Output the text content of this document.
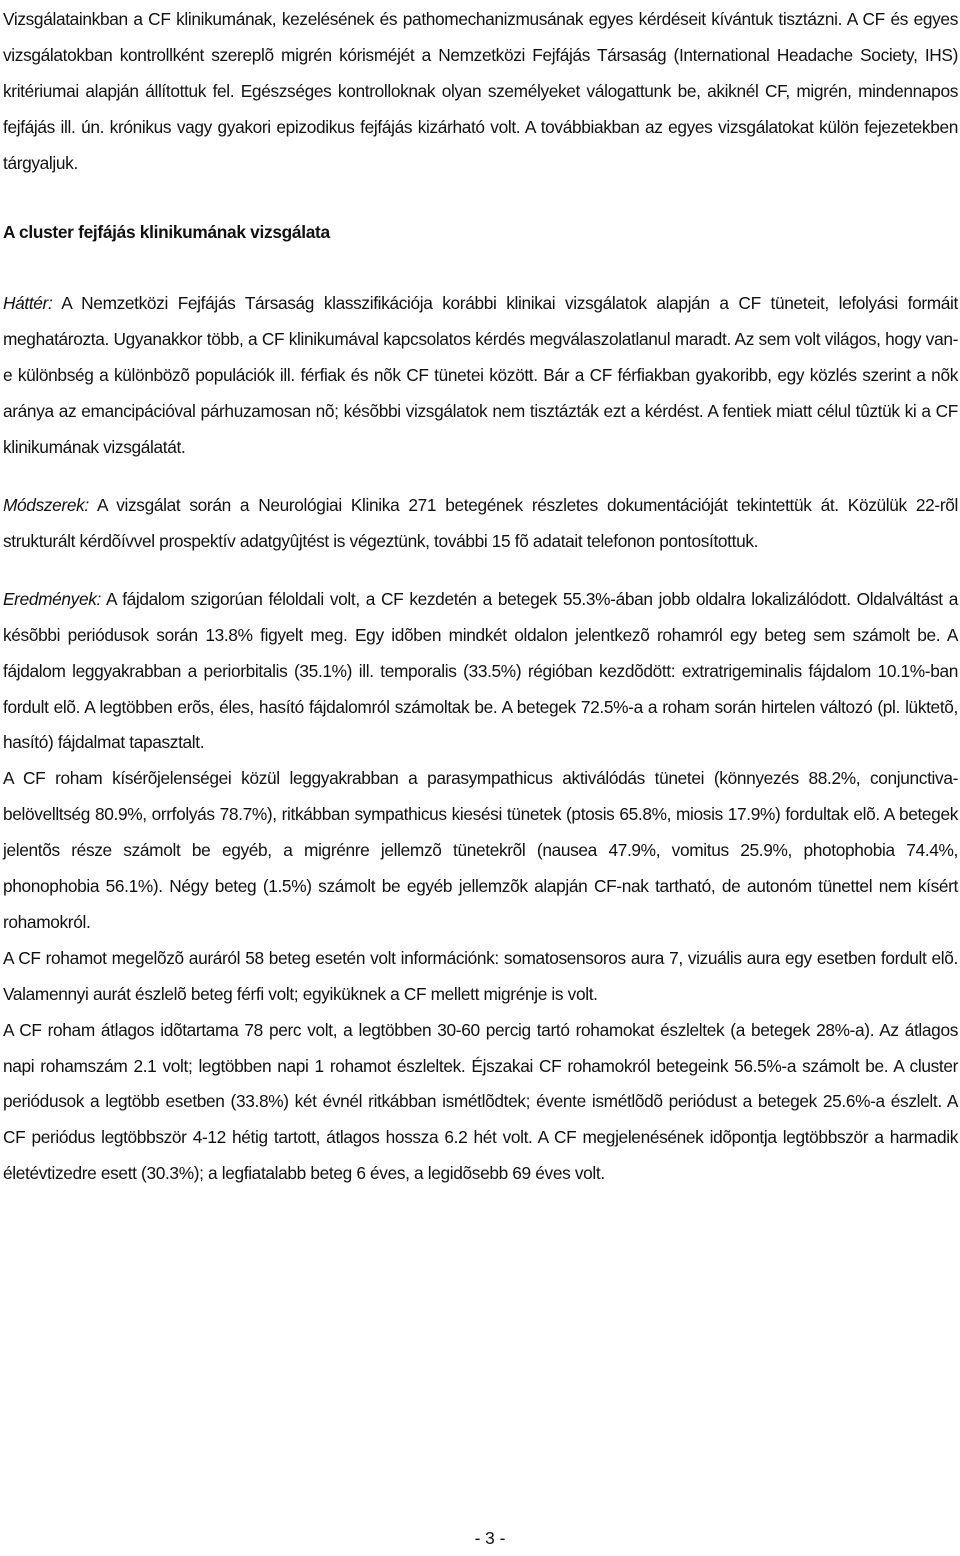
Vizsgálatainkban a CF klinikumának, kezelésének és pathomechanizmusának egyes kérdéseit kívántuk tisztázni. A CF és egyes vizsgálatokban kontrollként szereplõ migrén kórisméjét a Nemzetközi Fejfájás Társaság (International Headache Society, IHS) kritériumai alapján állítottuk fel. Egészséges kontrolloknak olyan személyeket válogattunk be, akiknél CF, migrén, mindennapos fejfájás ill. ún. krónikus vagy gyakori epizodikus fejfájás kizárható volt. A továbbiakban az egyes vizsgálatokat külön fejezetekben tárgyaljuk.

A cluster fejfájás klinikumának vizsgálata

Háttér: A Nemzetközi Fejfájás Társaság klasszifikációja korábbi klinikai vizsgálatok alapján a CF tüneteit, lefolyási formáit meghatározta. Ugyanakkor több, a CF klinikumával kapcsolatos kérdés megválaszolatlanul maradt. Az sem volt világos, hogy van-e különbség a különbözõ populációk ill. férfiak és nõk CF tünetei között. Bár a CF férfiakban gyakoribb, egy közlés szerint a nõk aránya az emancipációval párhuzamosan nõ; késõbbi vizsgálatok nem tisztázták ezt a kérdést. A fentiek miatt célul tûztük ki a CF klinikumának vizsgálatát.

Módszerek: A vizsgálat során a Neurológiai Klinika 271 betegének részletes dokumentációját tekintettük át. Közülük 22-rõl strukturált kérdõívvel prospektív adatgyûjtést is végeztünk, további 15 fõ adatait telefonon pontosítottuk.

Eredmények: A fájdalom szigorúan féloldali volt, a CF kezdetén a betegek 55.3%-ában jobb oldalra lokalizálódott. Oldalváltást a késõbbi periódusok során 13.8% figyelt meg. Egy idõben mindkét oldalon jelentkezõ rohamról egy beteg sem számolt be. A fájdalom leggyakrabban a periorbitalis (35.1%) ill. temporalis (33.5%) régióban kezdõdött: extratrigeminalis fájdalom 10.1%-ban fordult elõ. A legtöbben erõs, éles, hasító fájdalomról számoltak be. A betegek 72.5%-a a roham során hirtelen változó (pl. lüktetõ, hasító) fájdalmat tapasztalt.

A CF roham kísérõjelenségei közül leggyakrabban a parasympathicus aktiválódás tünetei (könnyezés 88.2%, conjunctiva-belövelltség 80.9%, orrfolyás 78.7%), ritkábban sympathicus kiesési tünetek (ptosis 65.8%, miosis 17.9%) fordultak elõ. A betegek jelentõs része számolt be egyéb, a migrénre jellemzõ tünetekrõl (nausea 47.9%, vomitus 25.9%, photophobia 74.4%, phonophobia 56.1%). Négy beteg (1.5%) számolt be egyéb jellemzõk alapján CF-nak tartható, de autonóm tünettel nem kísért rohamokról.

A CF rohamot megelõzõ auráról 58 beteg esetén volt információnk: somatosensoros aura 7, vizuális aura egy esetben fordult elõ. Valamennyi aurát észlelõ beteg férfi volt; egyiküknek a CF mellett migrénje is volt.

A CF roham átlagos idõtartama 78 perc volt, a legtöbben 30-60 percig tartó rohamokat észleltek (a betegek 28%-a). Az átlagos napi rohamszám 2.1 volt; legtöbben napi 1 rohamot észleltek. Éjszakai CF rohamokról betegeink 56.5%-a számolt be. A cluster periódusok a legtöbb esetben (33.8%) két évnél ritkábban ismétlõdtek; évente ismétlõdõ periódust a betegek 25.6%-a észlelt. A CF periódus legtöbbször 4-12 hétig tartott, átlagos hossza 6.2 hét volt. A CF megjelenésének idõpontja legtöbbször a harmadik életévtizedre esett (30.3%); a legfiatalabb beteg 6 éves, a legidõsebb 69 éves volt.

- 3 -
